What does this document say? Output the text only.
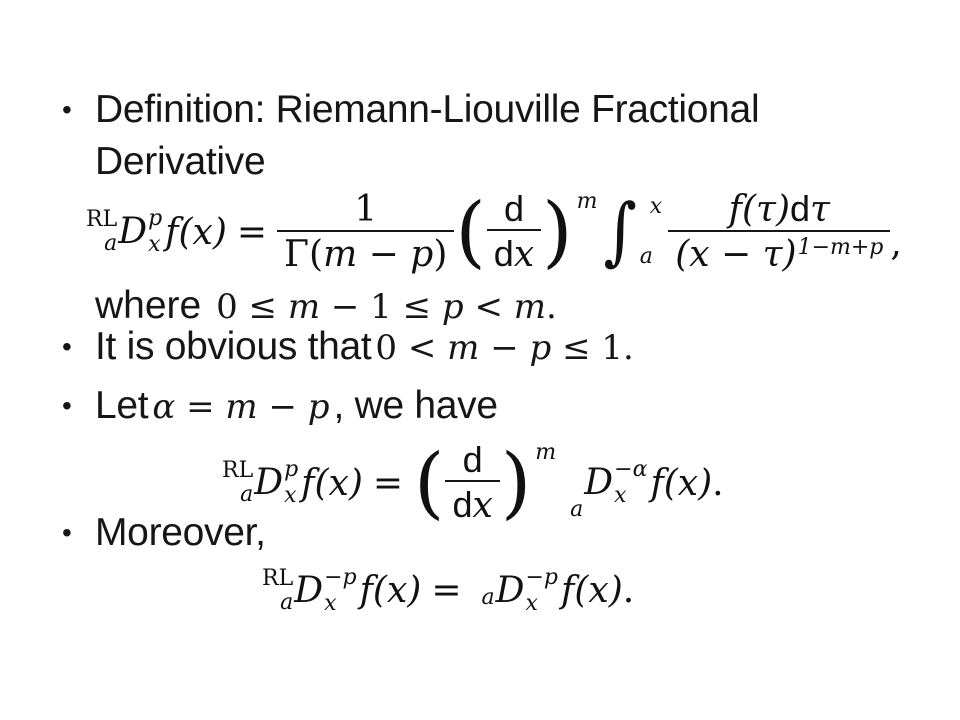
• Definition: Riemann-Liouville Fractional
Derivative
RL
a D p
x $f(x) = \frac{1}{\Gamma(m - p)}$ ( $\frac{d}{dx}$ ) m ∫ x
a $\frac{f(\tau)d\tau}{(x - \tau)^{1-m+p}}$ ,
where 0 ≤ m − 1 ≤ p < m.
• It is obvious that 0 < m − p ≤ 1.
• Let α = m − p , we have
RL
a D p
x f(x) = ( $\frac{d}{dx}$ ) m
a
D −α
x f(x).
• Moreover,
RL
a D −p
x f(x) = a D −p
x f(x).
